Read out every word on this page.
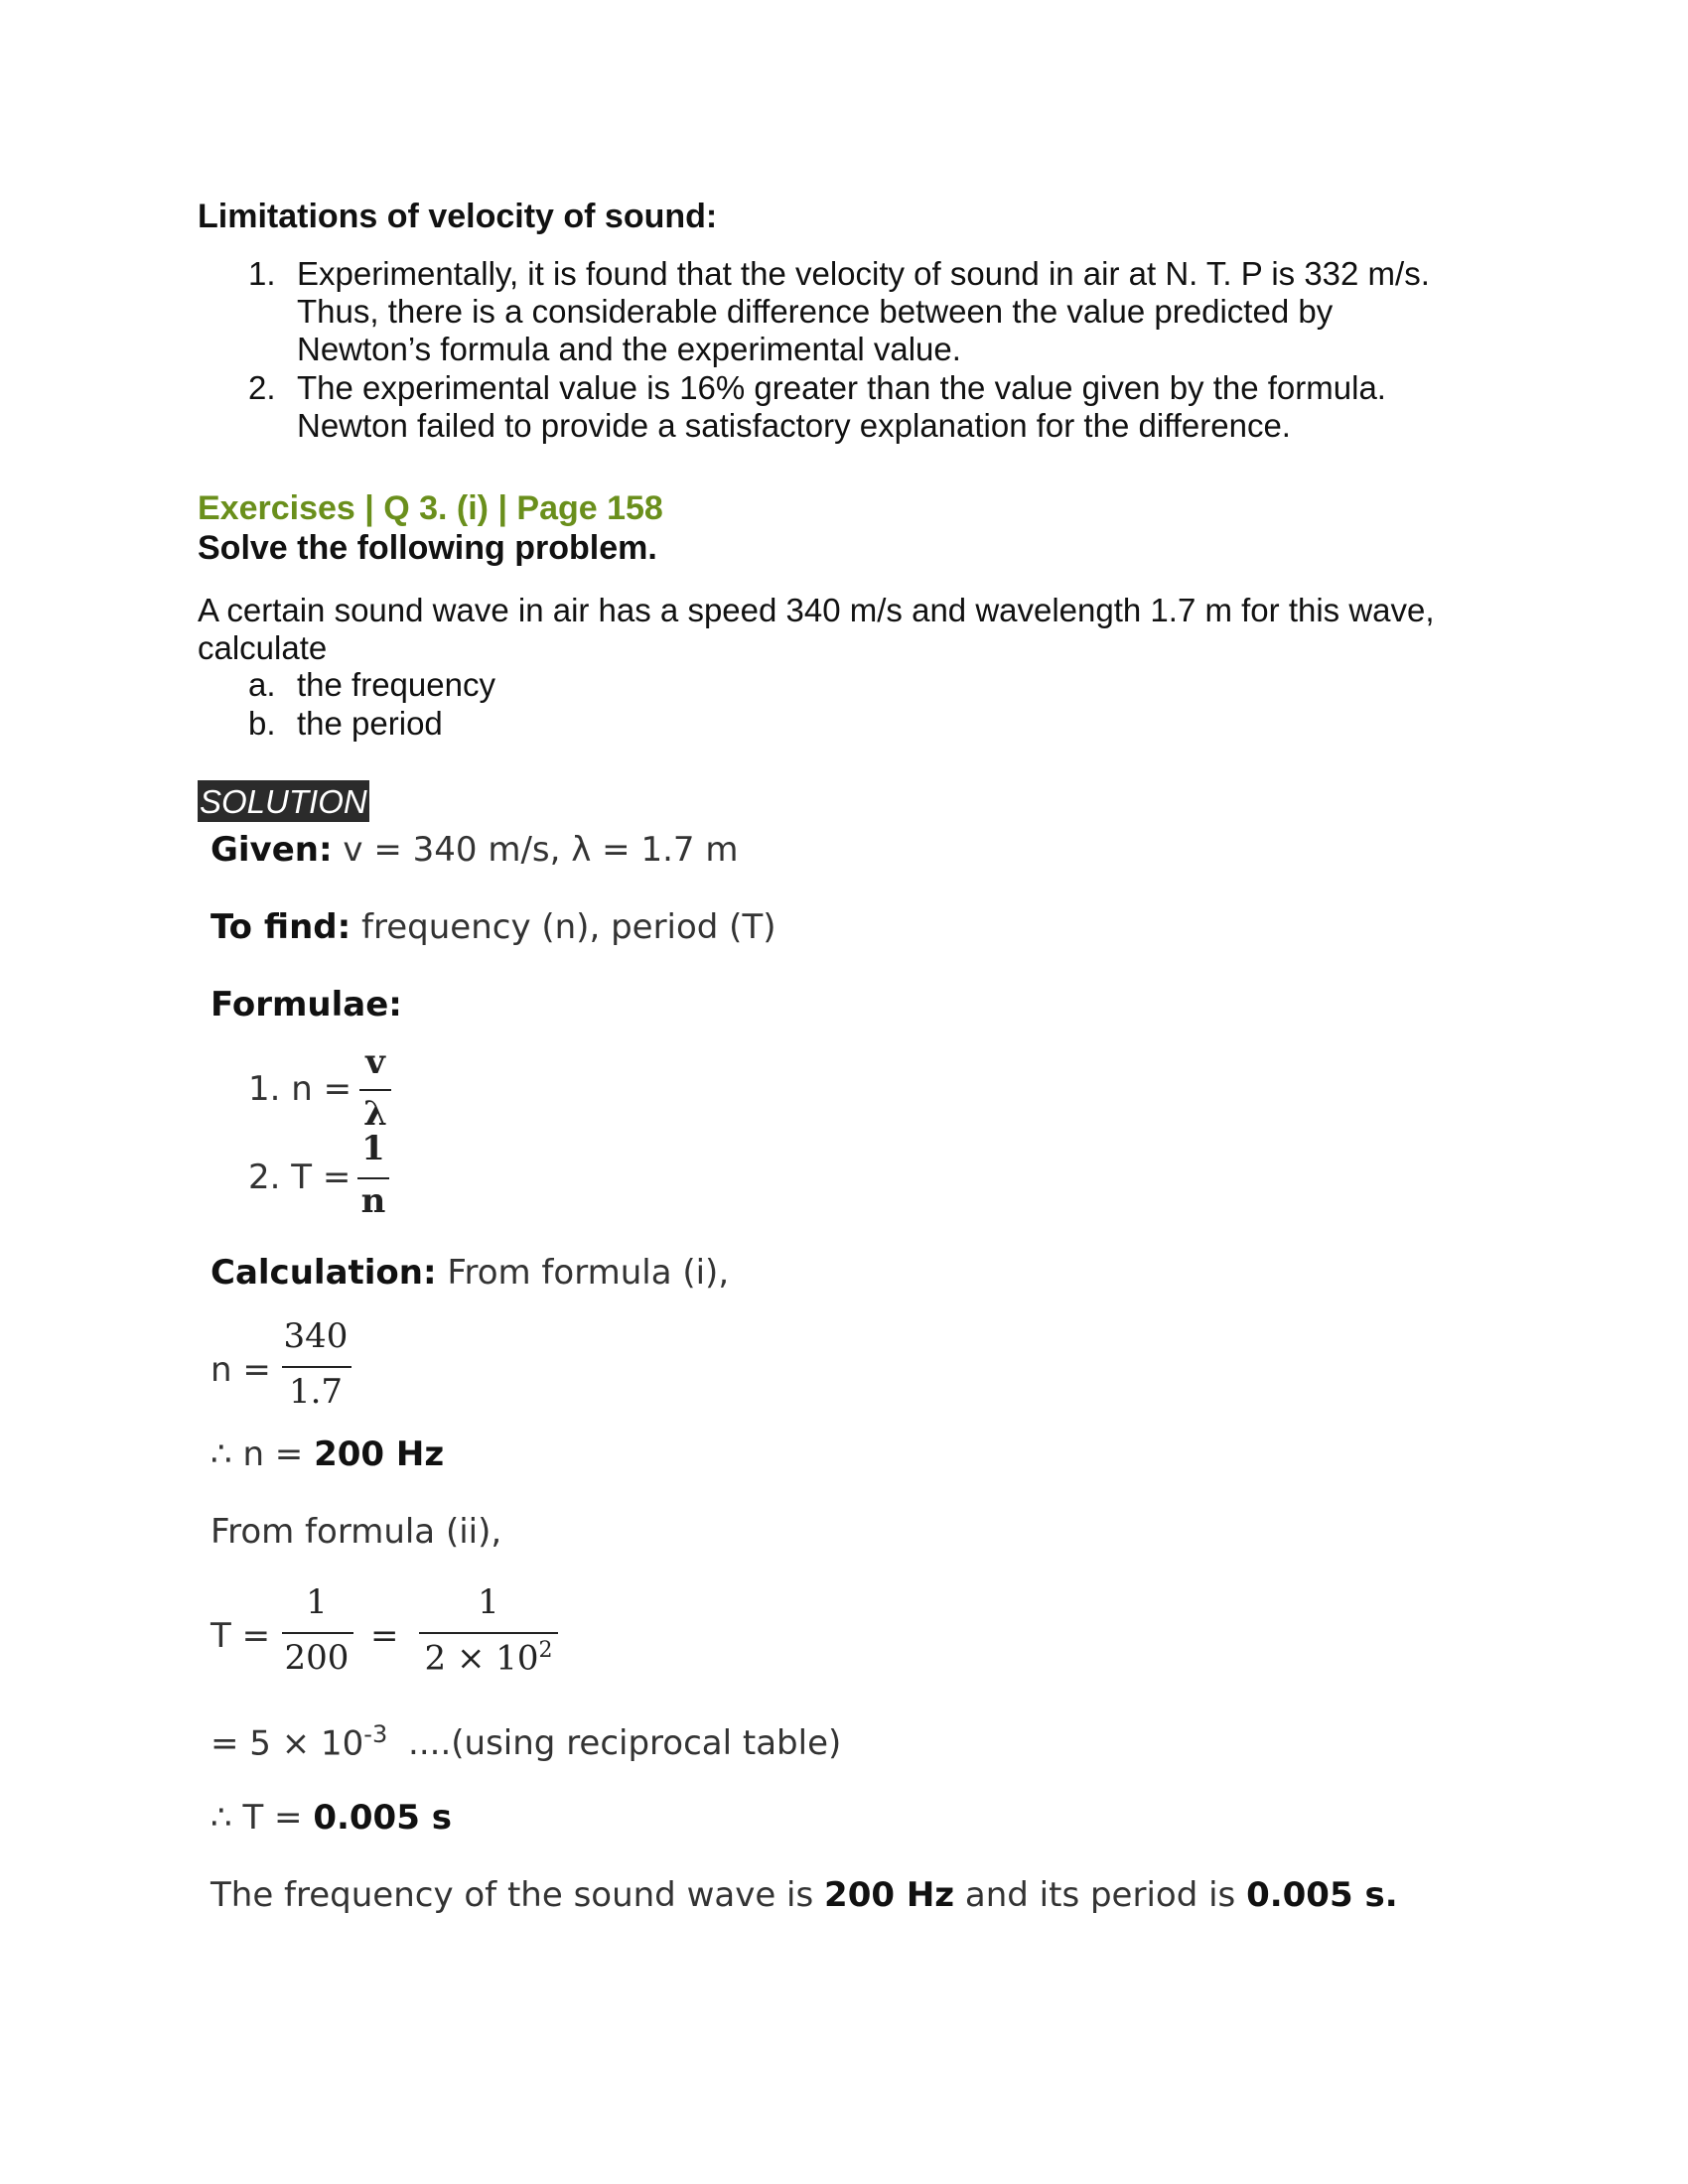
Limitations of velocity of sound:
1. Experimentally, it is found that the velocity of sound in air at N. T. P is 332 m/s.
Thus, there is a considerable difference between the value predicted by
Newton’s formula and the experimental value.
2. The experimental value is 16% greater than the value given by the formula.
Newton failed to provide a satisfactory explanation for the difference.
Exercises | Q 3. (i) | Page 158
Solve the following problem.
A certain sound wave in air has a speed 340 m/s and wavelength 1.7 m for this wave,
calculate
a. the frequency
b. the period
SOLUTION
Given: v = 340 m/s, λ = 1.7 m
To find: frequency (n), period (T)
Formulae:
1. n =
v
λ
2. T =
1
n
Calculation: From formula (i),
n =
340
1.7
∴ n = 200 Hz
From formula (ii),
T =
1
200
=
1
$2 \times 10^2$
= $5 \times 10^{-3}$ ....(using reciprocal table)
∴ T = 0.005 s
The frequency of the sound wave is 200 Hz and its period is 0.005 s.
